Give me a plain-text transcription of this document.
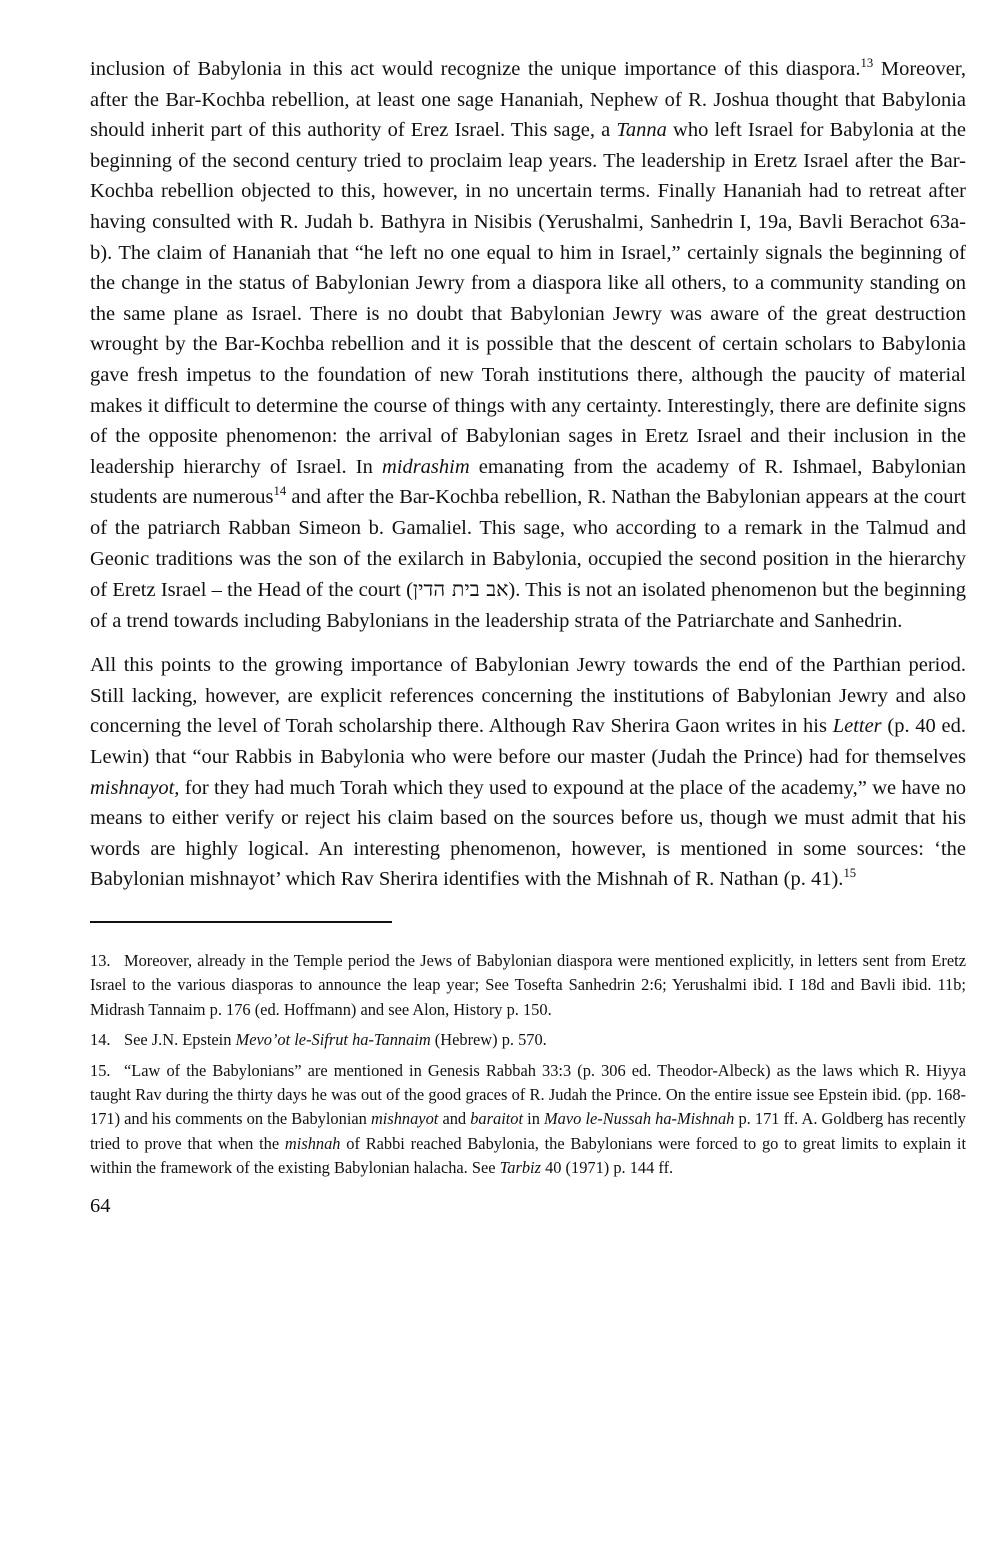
inclusion of Babylonia in this act would recognize the unique importance of this diaspora.$^{13}$ Moreover, after the Bar-Kochba rebellion, at least one sage Hananiah, Nephew of R. Joshua thought that Babylonia should inherit part of this authority of Erez Israel. This sage, a Tanna who left Israel for Babylonia at the beginning of the second century tried to proclaim leap years. The leadership in Eretz Israel after the Bar-Kochba rebellion objected to this, however, in no uncertain terms. Finally Hananiah had to retreat after having consulted with R. Judah b. Bathyra in Nisibis (Yerushalmi, Sanhedrin I, 19a, Bavli Berachot 63a-b). The claim of Hananiah that “he left no one equal to him in Israel,” certainly signals the beginning of the change in the status of Babylonian Jewry from a diaspora like all others, to a community standing on the same plane as Israel. There is no doubt that Babylonian Jewry was aware of the great destruction wrought by the Bar-Kochba rebellion and it is possible that the descent of certain scholars to Babylonia gave fresh impetus to the foundation of new Torah institutions there, although the paucity of material makes it difficult to determine the course of things with any certainty. Interestingly, there are definite signs of the opposite phenomenon: the arrival of Babylonian sages in Eretz Israel and their inclusion in the leadership hierarchy of Israel. In midrashim emanating from the academy of R. Ishmael, Babylonian students are numerous$^{14}$ and after the Bar-Kochba rebellion, R. Nathan the Babylonian appears at the court of the patriarch Rabban Simeon b. Gamaliel. This sage, who according to a remark in the Talmud and Geonic traditions was the son of the exilarch in Babylonia, occupied the second position in the hierarchy of Eretz Israel – the Head of the court (אב בית הדין). This is not an isolated phenomenon but the beginning of a trend towards including Babylonians in the leadership strata of the Patriarchate and Sanhedrin.

All this points to the growing importance of Babylonian Jewry towards the end of the Parthian period. Still lacking, however, are explicit references concerning the institutions of Babylonian Jewry and also concerning the level of Torah scholarship there. Although Rav Sherira Gaon writes in his Letter (p. 40 ed. Lewin) that “our Rabbis in Babylonia who were before our master (Judah the Prince) had for themselves mishnayot, for they had much Torah which they used to expound at the place of the academy,” we have no means to either verify or reject his claim based on the sources before us, though we must admit that his words are highly logical. An interesting phenomenon, however, is mentioned in some sources: ‘the Babylonian mishnayot’ which Rav Sherira identifies with the Mishnah of R. Nathan (p. 41).$^{15}$

13. Moreover, already in the Temple period the Jews of Babylonian diaspora were mentioned explicitly, in letters sent from Eretz Israel to the various diasporas to announce the leap year; See Tosefta Sanhedrin 2:6; Yerushalmi ibid. I 18d and Bavli ibid. 11b; Midrash Tannaim p. 176 (ed. Hoffmann) and see Alon, History p. 150.

14. See J.N. Epstein Mevo’ot le-Sifrut ha-Tannaim (Hebrew) p. 570.

15. “Law of the Babylonians” are mentioned in Genesis Rabbah 33:3 (p. 306 ed. Theodor-Albeck) as the laws which R. Hiyya taught Rav during the thirty days he was out of the good graces of R. Judah the Prince. On the entire issue see Epstein ibid. (pp. 168-171) and his comments on the Babylonian mishnayot and baraitot in Mavo le-Nussah ha-Mishnah p. 171 ff. A. Goldberg has recently tried to prove that when the mishnah of Rabbi reached Babylonia, the Babylonians were forced to go to great limits to explain it within the framework of the existing Babylonian halacha. See Tarbiz 40 (1971) p. 144 ff.

64
